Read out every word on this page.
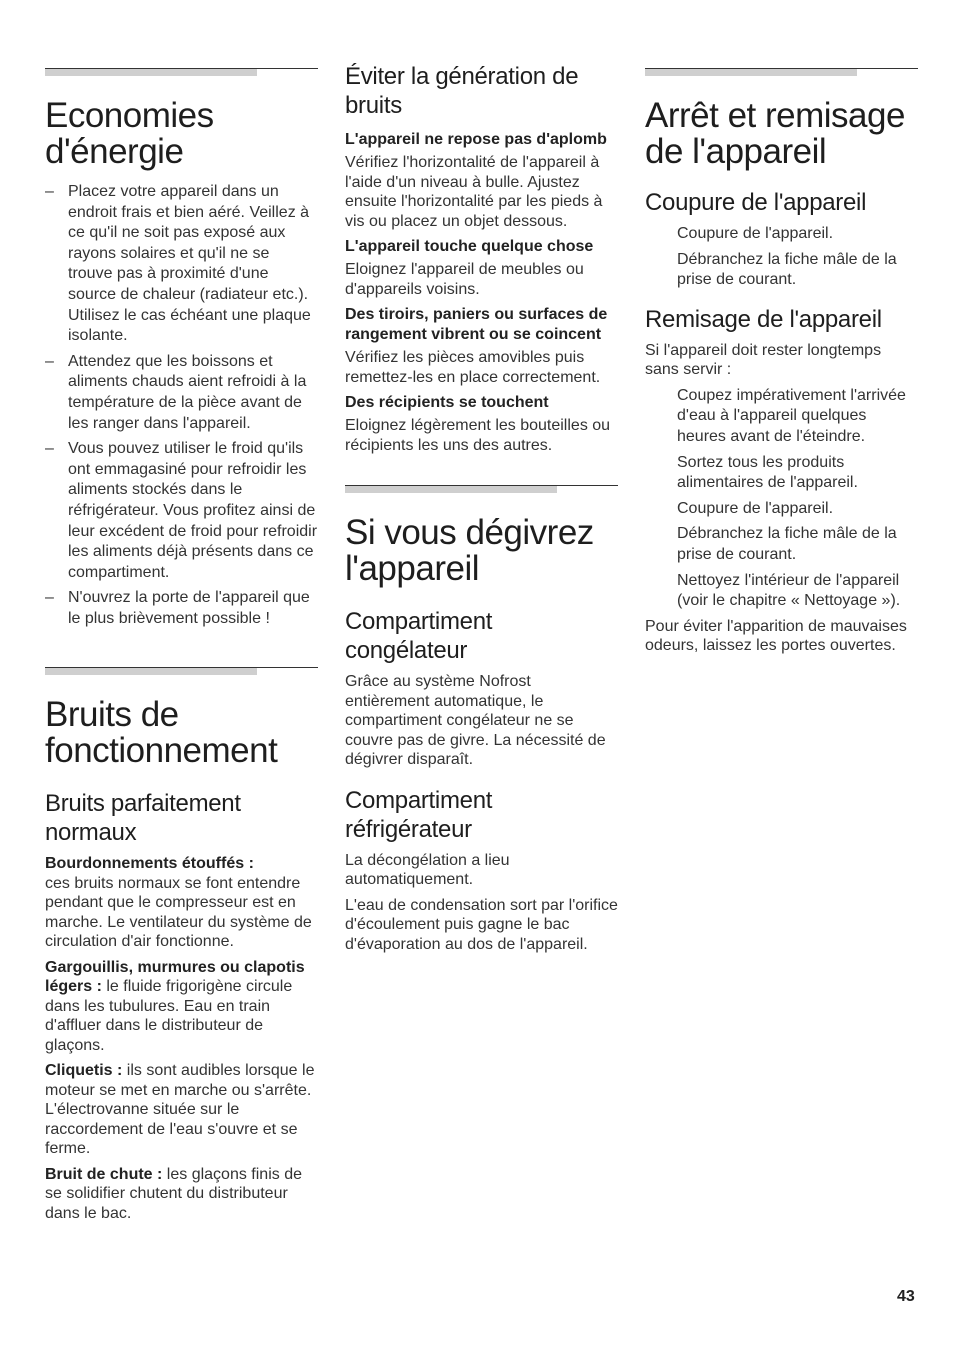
Economies d'énergie
– Placez votre appareil dans un endroit frais et bien aéré. Veillez à ce qu'il ne soit pas exposé aux rayons solaires et qu'il ne se trouve pas à proximité d'une source de chaleur (radiateur etc.). Utilisez le cas échéant une plaque isolante.
– Attendez que les boissons et aliments chauds aient refroidi à la température de la pièce avant de les ranger dans l'appareil.
– Vous pouvez utiliser le froid qu'ils ont emmagasiné pour refroidir les aliments stockés dans le réfrigérateur. Vous profitez ainsi de leur excédent de froid pour refroidir les aliments déjà présents dans ce compartiment.
– N'ouvrez la porte de l'appareil que le plus brièvement possible !
Bruits de fonctionnement
Bruits parfaitement normaux

Bourdonnements étouffés :
ces bruits normaux se font entendre pendant que le compresseur est en marche. Le ventilateur du système de circulation d'air fonctionne.

Gargouillis, murmures ou clapotis légers : le fluide frigorigène circule dans les tubulures. Eau en train d'affluer dans le distributeur de glaçons.

Cliquetis : ils sont audibles lorsque le moteur se met en marche ou s'arrête. L'électrovanne située sur le raccordement de l'eau s'ouvre et se ferme.

Bruit de chute : les glaçons finis de se solidifier chutent du distributeur dans le bac.

Éviter la génération de bruits
L'appareil ne repose pas d'aplomb

Vérifiez l'horizontalité de l'appareil à l'aide d'un niveau à bulle. Ajustez ensuite l'horizontalité par les pieds à vis ou placez un objet dessous.

L'appareil touche quelque chose

Eloignez l'appareil de meubles ou d'appareils voisins.

Des tiroirs, paniers ou surfaces de rangement vibrent ou se coincent

Vérifiez les pièces amovibles puis remettez-les en place correctement.

Des récipients se touchent

Eloignez légèrement les bouteilles ou récipients les uns des autres.

Si vous dégivrez l'appareil
Compartiment congélateur

Grâce au système Nofrost entièrement automatique, le compartiment congélateur ne se couvre pas de givre. La nécessité de dégivrer disparaît.

Compartiment réfrigérateur

La décongélation a lieu automatiquement.

L'eau de condensation sort par l'orifice d'écoulement puis gagne le bac d'évaporation au dos de l'appareil.

Arrêt et remisage de l'appareil
Coupure de l'appareil

Coupure de l'appareil.

Débranchez la fiche mâle de la prise de courant.

Remisage de l'appareil

Si l'appareil doit rester longtemps sans servir :

Coupez impérativement l'arrivée d'eau à l'appareil quelques heures avant de l'éteindre.

Sortez tous les produits alimentaires de l'appareil.

Coupure de l'appareil.

Débranchez la fiche mâle de la prise de courant.

Nettoyez l'intérieur de l'appareil (voir le chapitre « Nettoyage »).

Pour éviter l'apparition de mauvaises odeurs, laissez les portes ouvertes.

43
